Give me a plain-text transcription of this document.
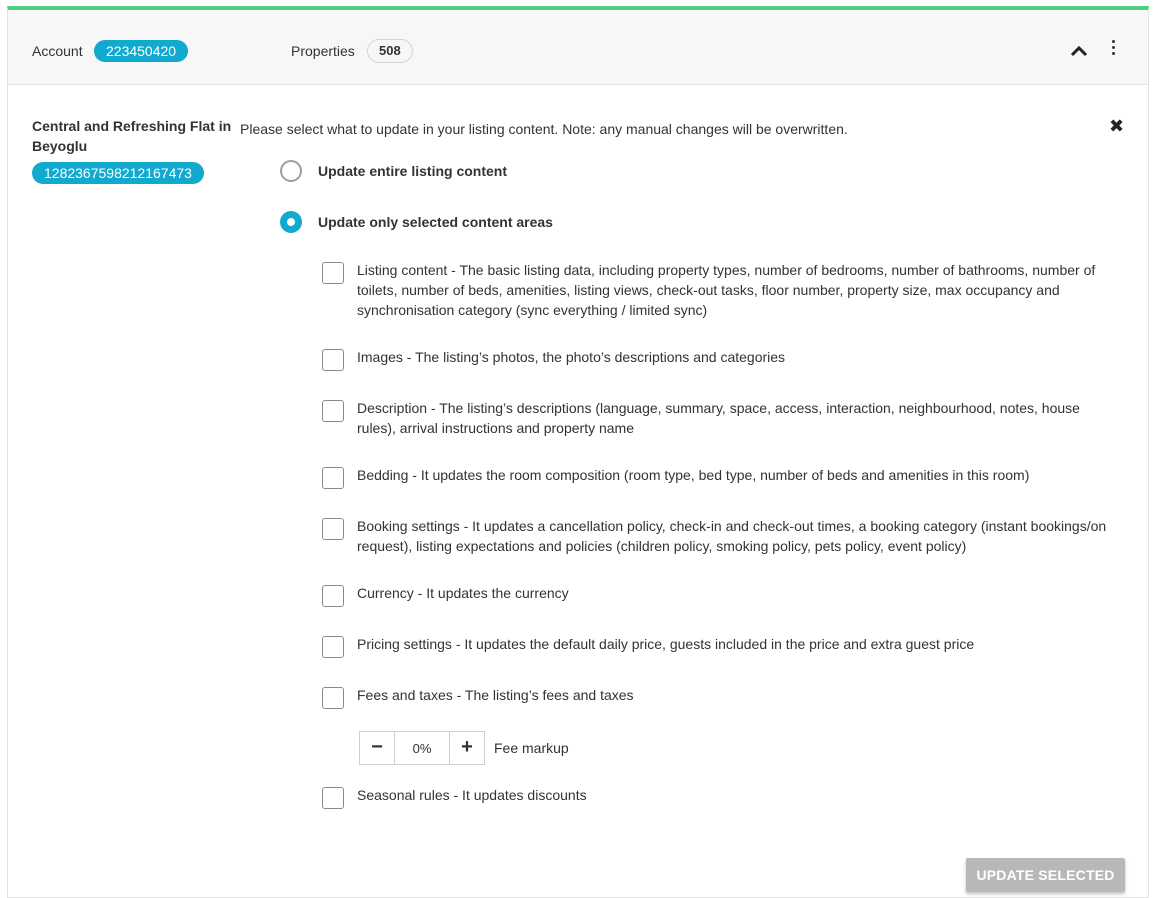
Account	223450420	Properties	508
Central and Refreshing Flat in Beyoglu
1282367598212167473
Please select what to update in your listing content. Note: any manual changes will be overwritten.	✖
Update entire listing content
Update only selected content areas
Listing content - The basic listing data, including property types, number of bedrooms, number of bathrooms, number of toilets, number of beds, amenities, listing views, check-out tasks, floor number, property size, max occupancy and synchronisation category (sync everything / limited sync)
Images - The listing’s photos, the photo’s descriptions and categories
Description - The listing’s descriptions (language, summary, space, access, interaction, neighbourhood, notes, house rules), arrival instructions and property name
Bedding - It updates the room composition (room type, bed type, number of beds and amenities in this room)
Booking settings - It updates a cancellation policy, check-in and check-out times, a booking category (instant bookings/on request), listing expectations and policies (children policy, smoking policy, pets policy, event policy)
Currency - It updates the currency
Pricing settings - It updates the default daily price, guests included in the price and extra guest price
Fees and taxes - The listing’s fees and taxes
−
0%	+	Fee markup
Seasonal rules - It updates discounts
UPDATE SELECTED
